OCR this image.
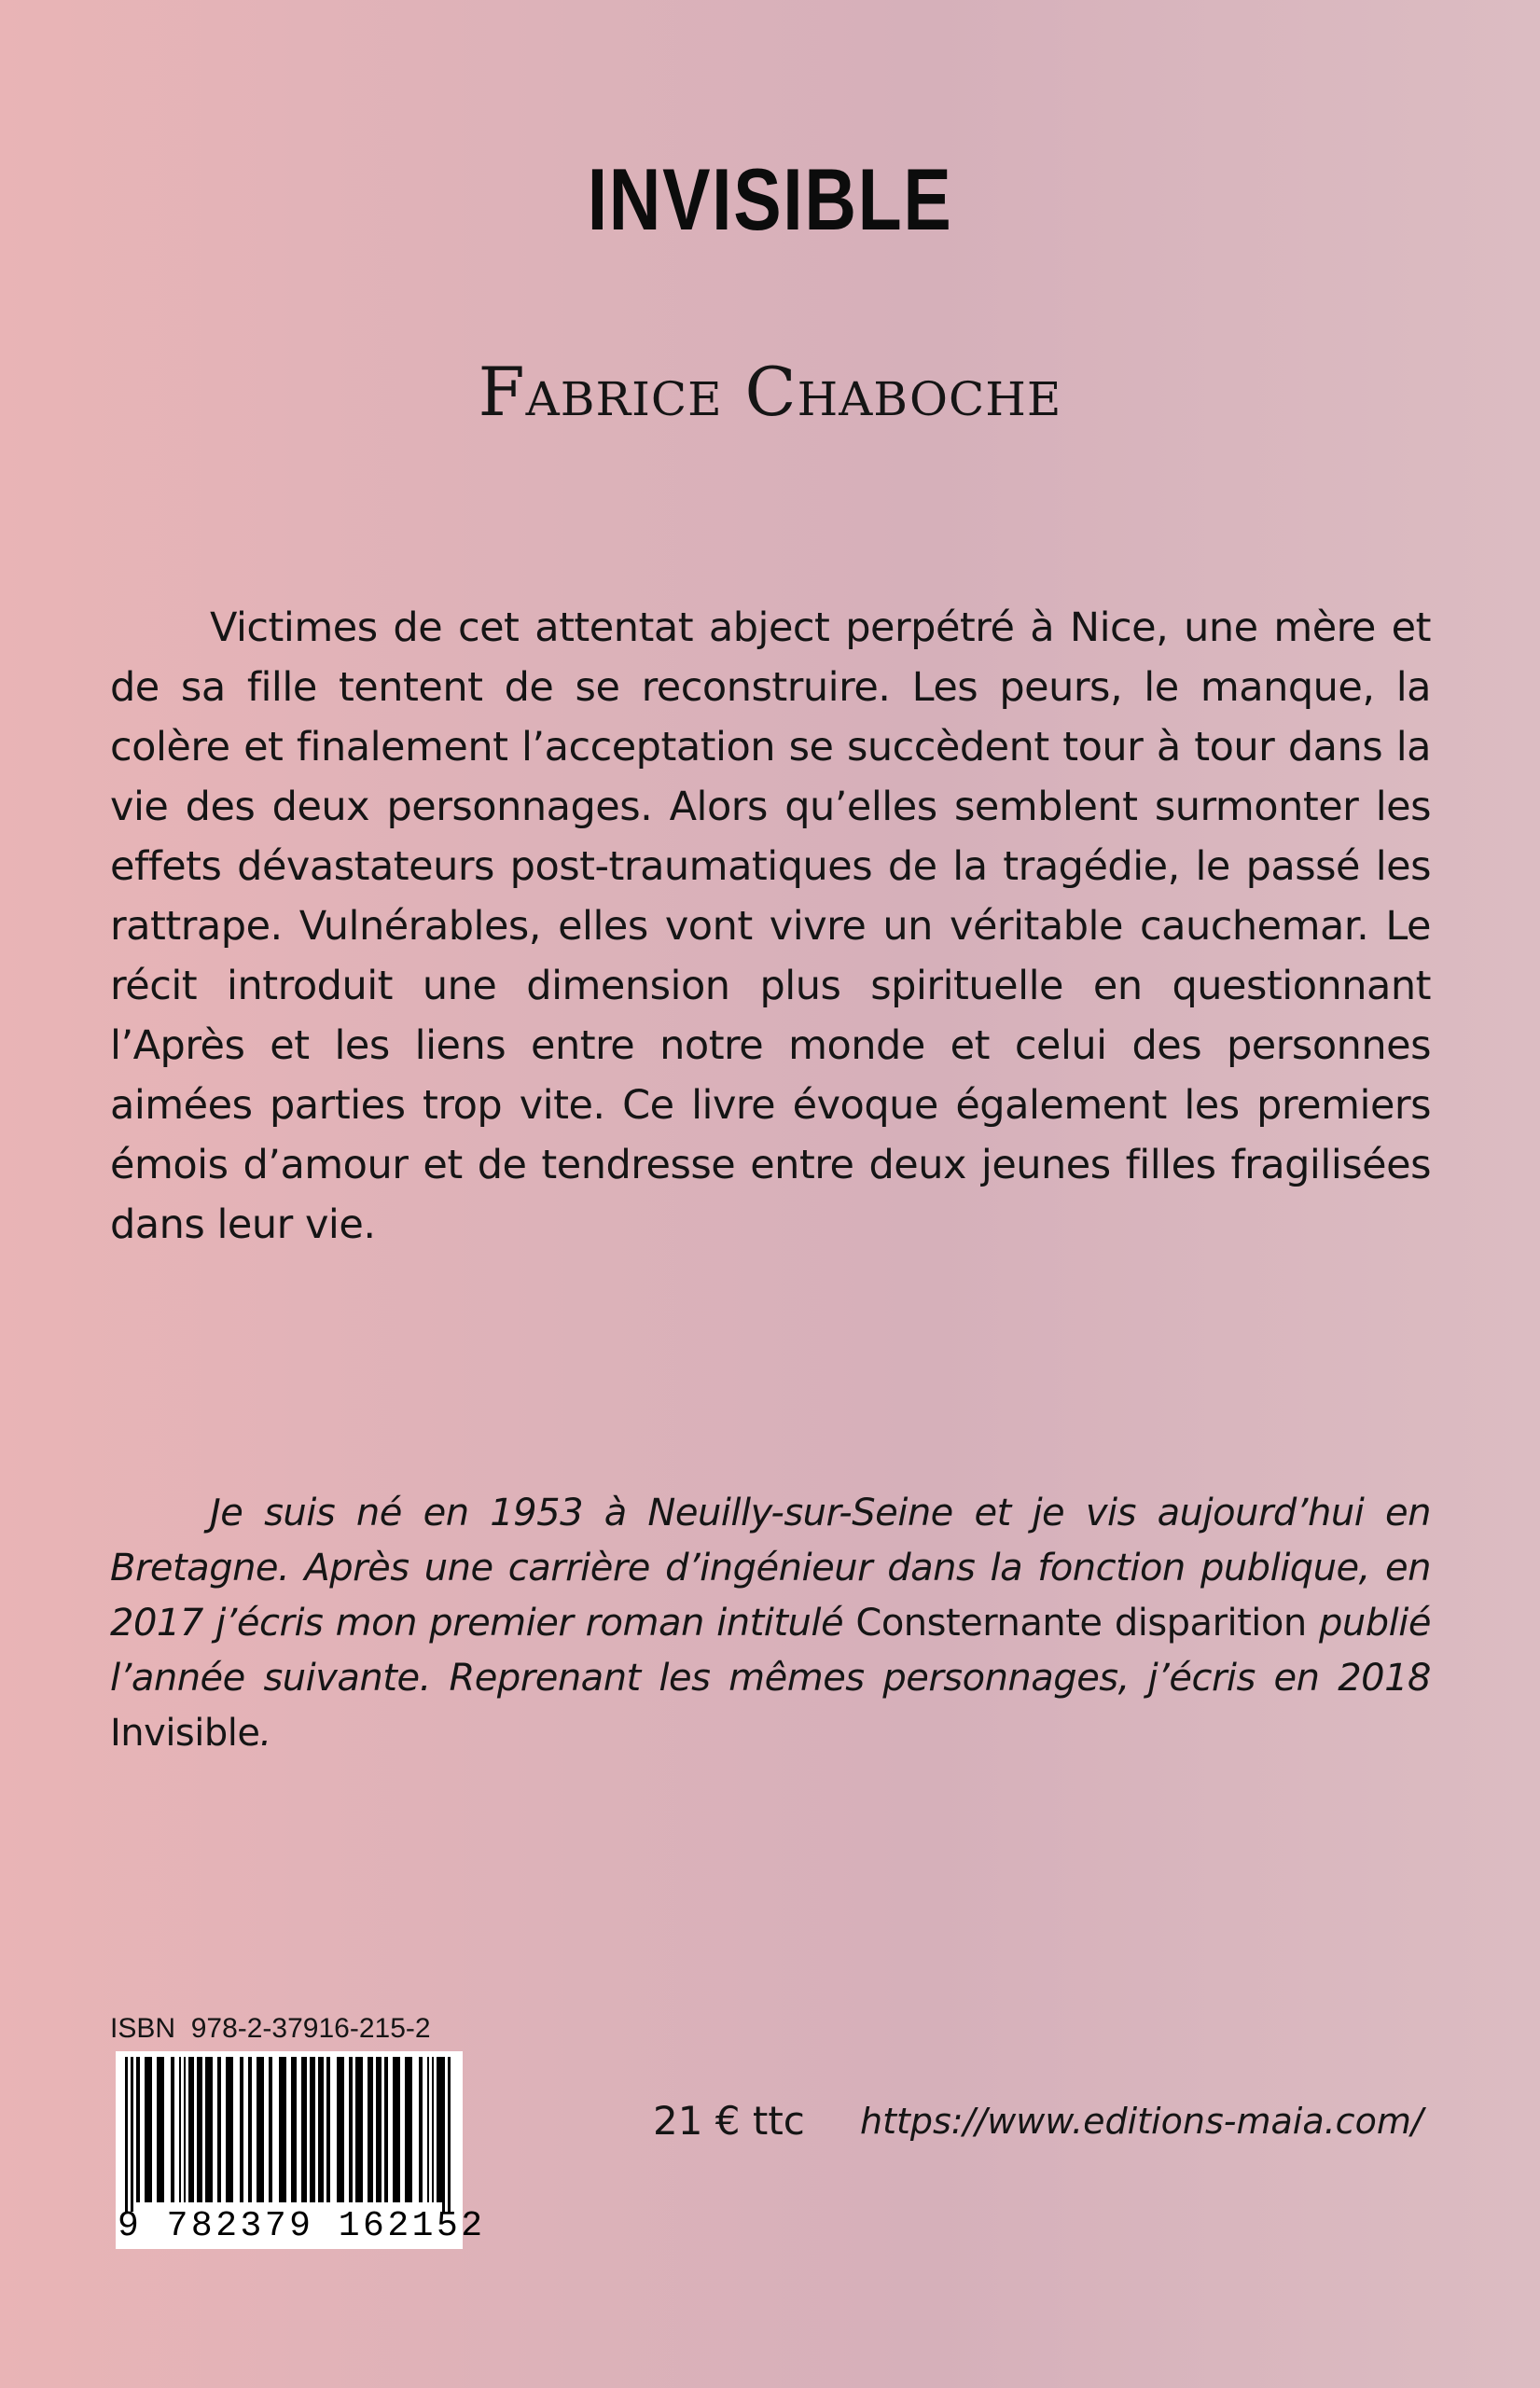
INVISIBLE
Fabrice Chaboche

Victimes de cet attentat abject perpétré à Nice, une mère et de sa fille tentent de se reconstruire. Les peurs, le manque, la colère et finalement l’acceptation se succèdent tour à tour dans la vie des deux personnages. Alors qu’elles semblent surmonter les effets dévastateurs post-traumatiques de la tragédie, le passé les rattrape. Vulnérables, elles vont vivre un véritable cauchemar. Le récit introduit une dimension plus spirituelle en questionnant l’Après et les liens entre notre monde et celui des personnes aimées parties trop vite. Ce livre évoque également les premiers émois d’amour et de tendresse entre deux jeunes filles fragilisées dans leur vie.

Je suis né en 1953 à Neuilly-sur-Seine et je vis aujourd’hui en Bretagne. Après une carrière d’ingénieur dans la fonction publique, en 2017 j’écris mon premier roman intitulé Consternante disparition publié l’année suivante. Reprenant les mêmes personnages, j’écris en 2018 Invisible.

ISBN 978-2-37916-215-2
9 782379 162152
21 € ttc https://www.editions-maia.com/
